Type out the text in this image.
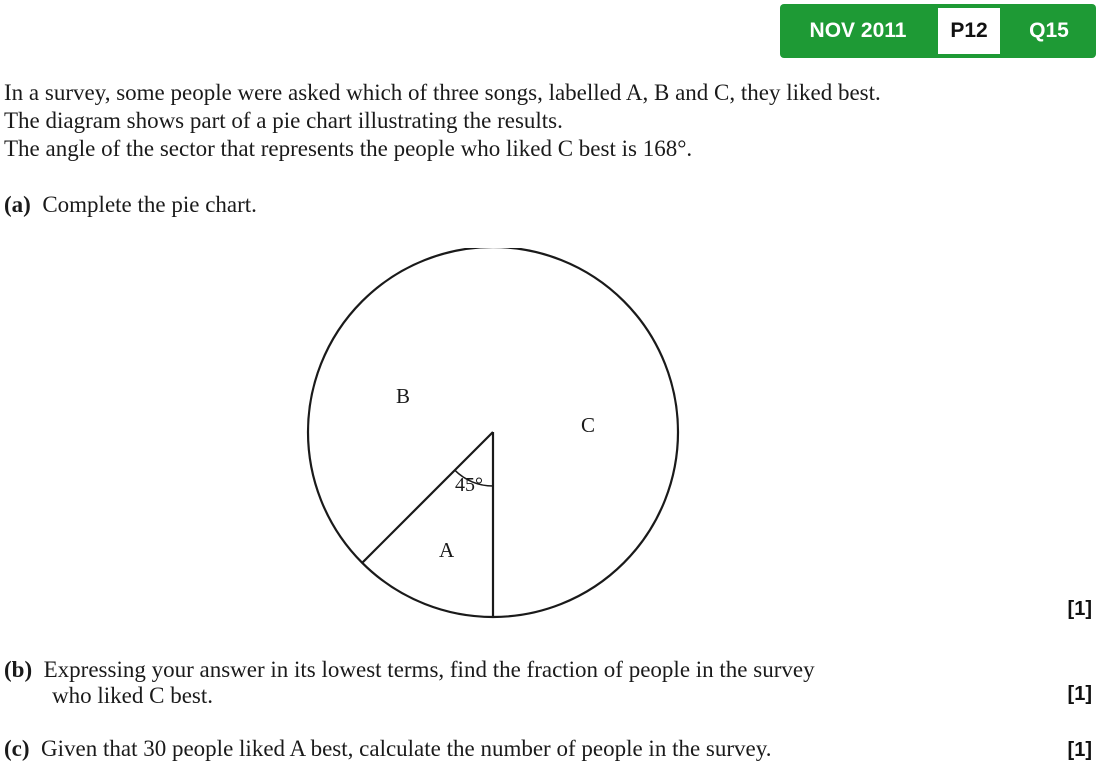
NOV 2011	P12	Q15
In a survey, some people were asked which of three songs, labelled A, B and C, they liked best.
The diagram shows part of a pie chart illustrating the results.
The angle of the sector that represents the people who liked C best is 168°.
(a) Complete the pie chart.
45°
B
C
A
[1]
(b) Expressing your answer in its lowest terms, find the fraction of people in the survey
who liked C best.	[1]
(c) Given that 30 people liked A best, calculate the number of people in the survey.	[1]
